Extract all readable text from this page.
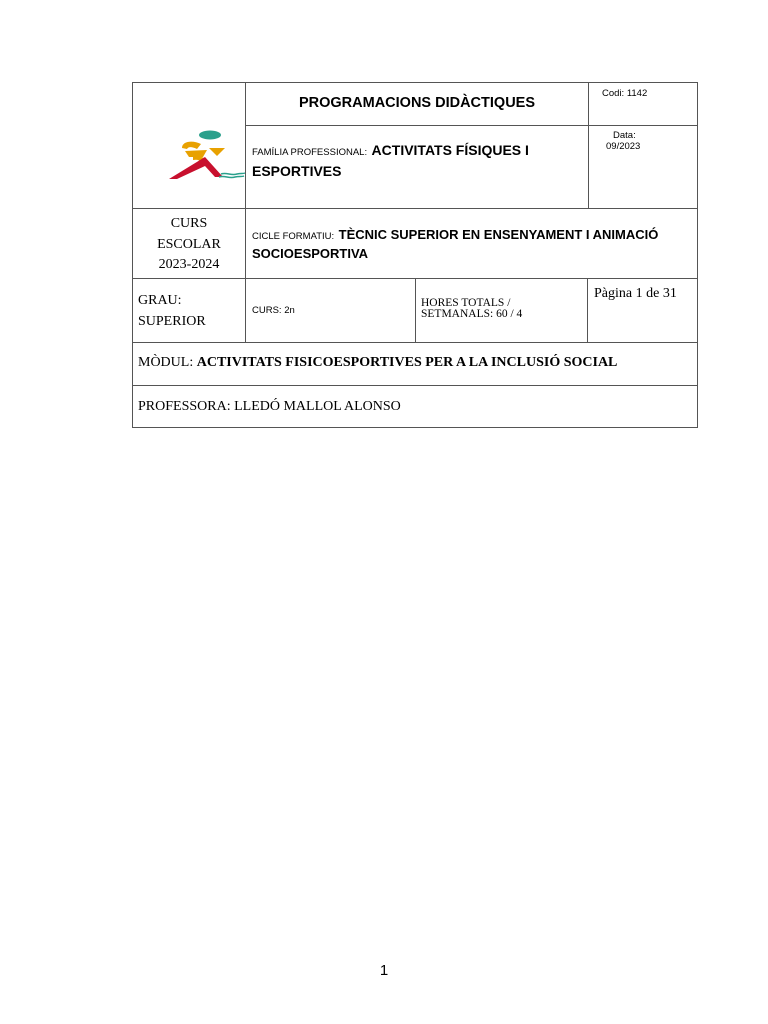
PROGRAMACIONS DIDÀCTIQUES
Codi: 1142
FAMÍLIA PROFESSIONAL: ACTIVITATS FÍSIQUES I ESPORTIVES
Data:
09/2023
CURS
ESCOLAR
2023-2024
CICLE FORMATIU: TÈCNIC SUPERIOR EN ENSENYAMENT I ANIMACIÓ SOCIOESPORTIVA
GRAU:
SUPERIOR
CURS: 2n
HORES TOTALS /
SETMANALS: 60 / 4
Pàgina 1 de 31
MÒDUL: ACTIVITATS FISICOESPORTIVES PER A LA INCLUSIÓ SOCIAL
PROFESSORA: LLEDÓ MALLOL ALONSO
1
